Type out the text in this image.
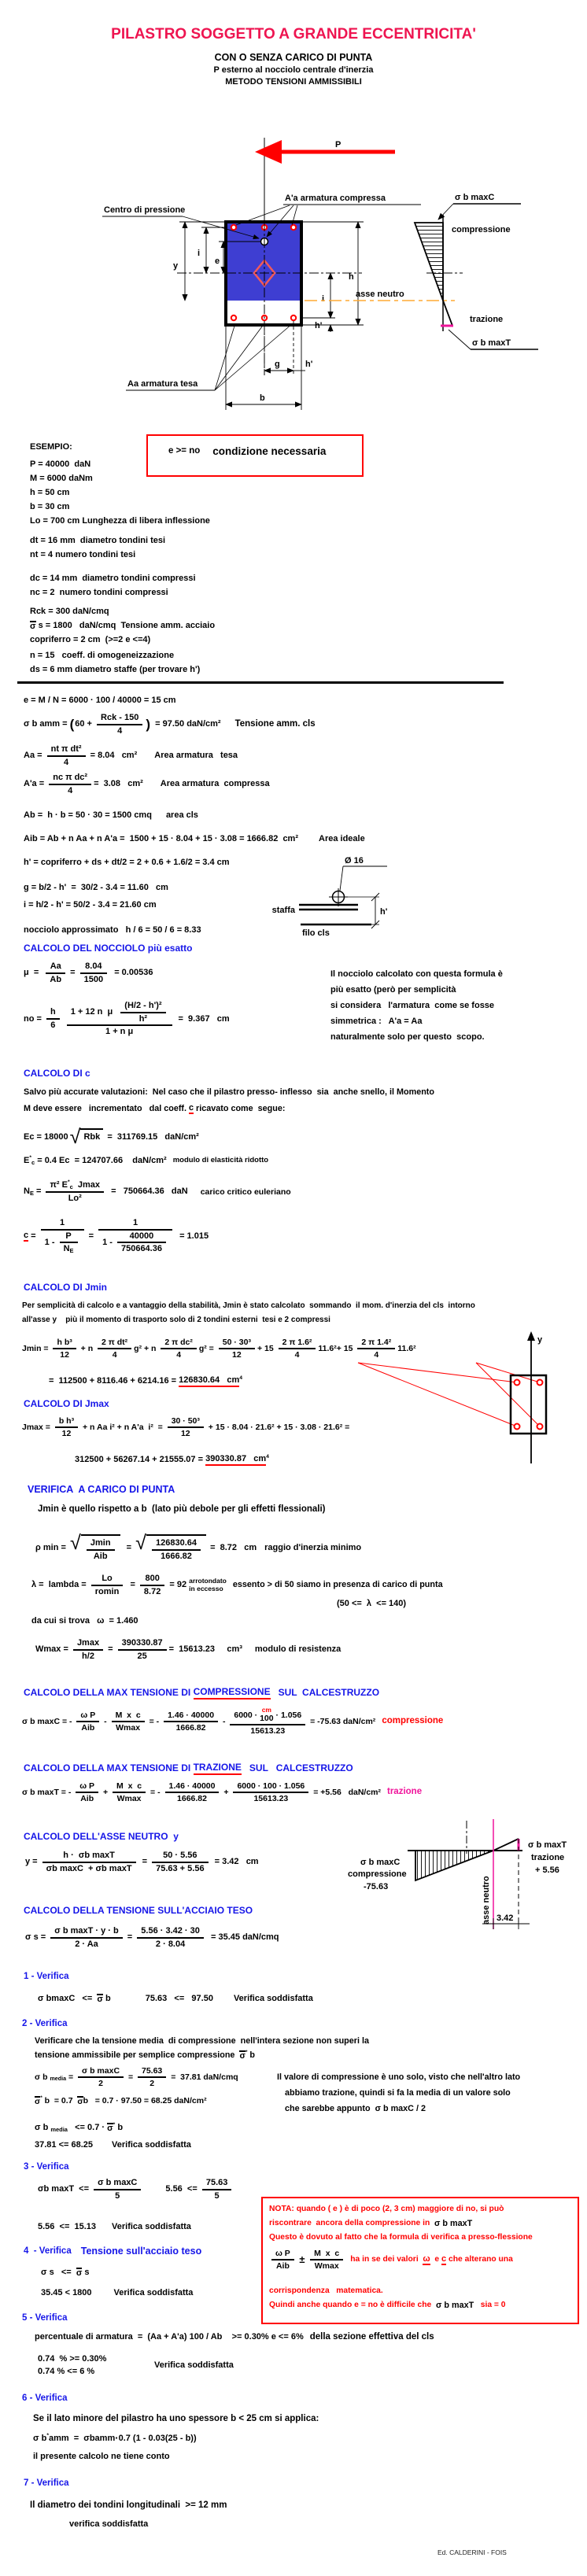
P
y
i
e
h
i
h'
g	h'
b
asse neutro
Centro di pressione
A'a armatura compressa
Aa armatura tesa
σ b maxC
compressione
trazione
σ b maxT
Ø 16
staffa
filo cls
h'
y
asse neutro 3.42
σ b maxC
compressione
-75.63
σ b maxT
trazione
+ 5.56
PILASTRO SOGGETTO A GRANDE ECCENTRICITA'
CON O SENZA CARICO DI PUNTA
P esterno al nocciolo centrale d'inerzia
METODO TENSIONI AMMISSIBILI
ESEMPIO:
P = 40000  daN
M = 6000 daNm
h = 50 cm
b = 30 cm
Lo = 700 cm Lunghezza di libera inflessione
dt = 16 mm  diametro tondini tesi
nt = 4 numero tondini tesi
dc = 14 mm  diametro tondini compressi
nc = 2  numero tondini compressi
Rck = 300 daN/cmq
σ s = 1800   daN/cmq  Tensione amm. acciaio
copriferro = 2 cm  (>=2 e <=4)
n = 15   coeff. di omogeneizzazione
ds = 6 mm diametro staffe (per trovare h')
e >= no condizione necessaria
e = M / N = 6000 · 100 / 40000 = 15 cm
σ b amm = ( $60 + \frac{\text{Rck - 150}}{4}$ ) = 97.50 daN/cm² Tensione amm. cls
$Aa = \frac{\text{nt π dt²}}{4} = 8.04$   cm² Area armatura   tesa
$A'a = \frac{\text{nc π dc²}}{4} = 3.08$   cm² Area armatura  compressa
Ab =  h · b = 50 · 30 = 1500 cmq area cls
Aib = Ab + n Aa + n A'a =  1500 + 15 · 8.04 + 15 · 3.08 = 1666.82  cm² Area ideale
h' = copriferro + ds + dt/2 = 2 + 0.6 + 1.6/2 = 3.4 cm
g = b/2 - h'  =  30/2 - 3.4 = 11.60   cm
i = h/2 - h' = 50/2 - 3.4 = 21.60 cm
nocciolo approssimato   h / 6 = 50 / 6 = 8.33
CALCOLO DEL NOCCIOLO più esatto
$\mu = \frac{Aa}{Ab} = \frac{8.04}{1500} = 0.00536$
no = $\frac{h}{6} \frac{1 + 12 n \mu \frac{\text{(H/2 - h')²}}{\text{h²}}}{\text{1 + n μ}} = 9.367$   cm
Il nocciolo calcolato con questa formula è
più esatto (però per semplicità
si considera   l'armatura  come se fosse
simmetrica :   A'a = Aa
naturalmente solo per questo  scopo.
CALCOLO DI c
Salvo più accurate valutazioni:  Nel caso che il pilastro presso- inflesso  sia  anche snello, il Momento
M deve essere   incrementato   dal coeff. c ricavato come  segue:
Ec = 18000 √ Rbk =  311769.15   daN/cm²
E *
c = 0.4 Ec  = 124707.66    daN/cm² modulo di elasticità ridotto
N E = π² E *
c Jmax
Lo² =   750664.36   daN carico critico euleriano
$c = \frac{1}{1 - \frac{P}{\text{N E}}} = \frac{1}{1 - \frac{40000}{750664.36}} = 1.015$
CALCOLO DI Jmin
Per semplicità di calcolo e a vantaggio della stabilità, Jmin è stato calcolato  sommando  il mom. d'inerzia del cls  intorno
all'asse y    più il momento di trasporto solo di 2 tondini esterni  tesi e 2 compressi
$Jmin = \frac{\text{h b³}}{12} + n \frac{\text{2 π dt²}}{4} g^2 + n \frac{\text{2 π dc²}}{4} g^2 = \frac{\text{50 · 30³}}{12} + 15 \frac{\text{2 π 1.6²}}{4} 11.6^2+ 15 \frac{\text{2 π 1.4²}}{4} 11.6^2$
=  112500 + 8116.46 + 6214.16 = 126830.64   cm 4
CALCOLO DI Jmax
$Jmax = \frac{\text{b h³}}{12} + n$ Aa i² + n A'a  $i^2 = \frac{\text{30 · 50³}}{12} + 15 \cdot 8.04 \cdot 21.6^2 + 15 \cdot 3.08 \cdot 21.6^2$ =
312500 + 56267.14 + 21555.07 = 390330.87   cm 4
VERIFICA  A CARICO DI PUNTA
Jmin è quello rispetto a b  (lato più debole per gli effetti flessionali)
ρ min = √ $\frac{Jmin}{\text{Aib}}$ = √ $\frac{126830.64}{1666.82} = 8.72$   cm raggio d'inerzia minimo
λ =  lambda = $\frac{Lo}{romin} = \frac{800}{8.72} = 92$ arrotondato
in eccesso	essento > di 50 siamo in presenza di carico di punta
(50 <=  λ  <= 140)
da cui si trova   ω  = 1.460
$Wmax = \frac{Jmax}{h/2} = \frac{390330.87}{25} = 15613.23$     cm³ modulo di resistenza
CALCOLO DELLA MAX TENSIONE DI COMPRESSIONE SUL  CALCESTRUZZO
σ b maxC = - $\frac{\text{ω P}}{\text{Aib}} - \frac{\text{M  x  c}}{Wmax}$ = - $\frac{1.46 \cdot 40000}{1666.82} - 6000$ ·
cm
100 · 1.056
15613.23 = -75.63 daN/cm² compressione
CALCOLO DELLA MAX TENSIONE DI TRAZIONE SUL   CALCESTRUZZO
σ b maxT = - $\frac{\text{ω P}}{\text{Aib}} + \frac{\text{M  x  c}}{Wmax}$ = - $\frac{1.46 \cdot 40000}{1666.82} + \frac{6000 \cdot 100 \cdot 1.056}{15613.23} = +5.56$   daN/cm² trazione
CALCOLO DELL'ASSE NEUTRO  y
$y = \frac{\text{h ·  σb maxT}}{\text{σb maxC  + σb maxT}} = \frac{50 \cdot 5.56}{75.63 + 5.56} = 3.42$   cm
CALCOLO DELLA TENSIONE SULL'ACCIAIO TESO
σ $s = \frac{\text{σ b maxT · y · b}}{2 \cdot Aa} = \frac{5.56 \cdot 3.42 \cdot 30}{2 \cdot 8.04} = 35.45$ daN/cmq
1 - Verifica
σ bmaxC   <= σ b	75.63   <=   97.50 Verifica soddisfatta
2 - Verifica
Verificare che la tensione media  di compressione  nell'intera sezione non superi la
tensione ammissibile per semplice compressione σ * b
σ b media = $\frac{\text{σ b maxC}}{2} = \frac{75.63}{2} = 37.81$ daN/cmq	Il valore di compressione è uno solo, visto che nell'altro lato
abbiamo trazione, quindi si fa la media di un valore solo
che sarebbe appunto  σ b maxC / 2
σ * b  = 0.7 σ b   = 0.7 · 97.50 = 68.25 daN/cm²
σ b media <= 0.7 · σ * b
37.81 <= 68.25 Verifica soddisfatta
3 - Verifica
σb $\max T <= \frac{\text{σ b maxC}}{5}$	$5.56 <= \frac{75.63}{5}$
5.56  <=  15.13 Verifica soddisfatta
4  - Verifica Tensione sull'acciaio teso
σ s   <= σ s
35.45 < 1800	Verifica soddisfatta
5 - Verifica
NOTA: quando ( e ) è di poco (2, 3 cm) maggiore di no, si può
riscontrare  ancora della compressione in σ b maxT
Questo è dovuto al fatto che la formula di verifica a presso-flessione
$\frac{\text{ω P}}{\text{Aib}} \pm \frac{\text{M  x  c}}{Wmax}$ ha in se dei valori ω e c che alterano una
corrispondenza   matematica.
Quindi anche quando e = no è difficile che σ b maxT sia = 0
percentuale di armatura  =  (Aa + A'a) 100 / Ab    >= 0.30% e <= 6% della sezione effettiva del cls
0.74  % >= 0.30%
0.74 % <= 6 %
Verifica soddisfatta
6 - Verifica
Se il lato minore del pilastro ha uno spessore b < 25 cm si applica:
σ b * amm  =  σbamm · 0.7 (1 - 0.03(25 - b))
il presente calcolo ne tiene conto
7 - Verifica
Il diametro dei tondini longitudinali  >= 12 mm
verifica soddisfatta
Ed. CALDERINI - FOIS
